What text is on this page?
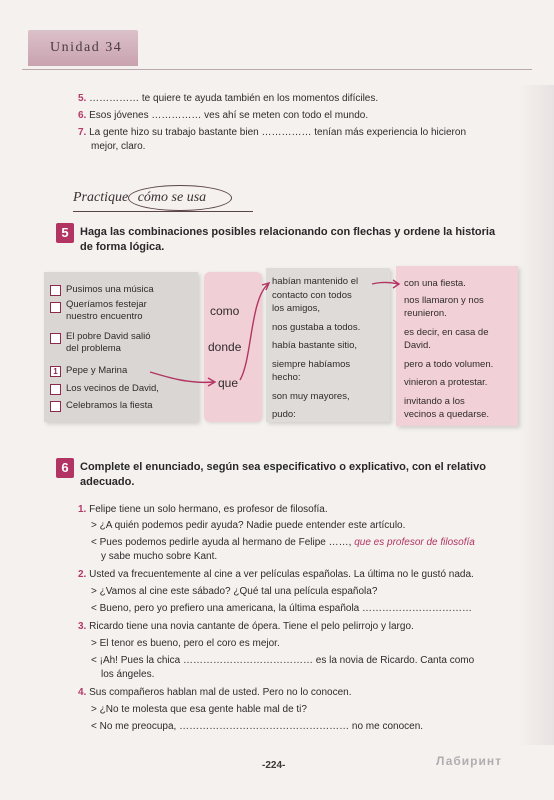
Unidad 34
5. …………… te quiere te ayuda también en los momentos difíciles.
6. Esos jóvenes …………… ves ahí se meten con todo el mundo.
7. La gente hizo su trabajo bastante bien …………… tenían más experiencia lo hicieron
mejor, claro.
Practique cómo se usa
5	Haga las combinaciones posibles relacionando con flechas y ordene la historia
de forma lógica.
Pusimos una música
Queríamos festejar
nuestro encuentro
El pobre David salió
del problema
1 Pepe y Marina
Los vecinos de David,
Celebramos la fiesta
como
donde
que
habían mantenido el
contacto con todos
los amigos,
nos gustaba a todos.
había bastante sitio,
siempre habíamos
hecho:
son muy mayores,
pudo:
con una fiesta.
nos llamaron y nos
reunieron.
es decir, en casa de
David.
pero a todo volumen.
vinieron a protestar.
invitando a los
vecinos a quedarse.
6	Complete el enunciado, según sea especificativo o explicativo, con el relativo
adecuado.
1. Felipe tiene un solo hermano, es profesor de filosofía.
> ¿A quién podemos pedir ayuda? Nadie puede entender este artículo.
< Pues podemos pedirle ayuda al hermano de Felipe ……, que es profesor de filosofía
y sabe mucho sobre Kant.
2. Usted va frecuentemente al cine a ver películas españolas. La última no le gustó nada.
> ¿Vamos al cine este sábado? ¿Qué tal una película española?
< Bueno, pero yo prefiero una americana, la última española ……………………………
3. Ricardo tiene una novia cantante de ópera. Tiene el pelo pelirrojo y largo.
> El tenor es bueno, pero el coro es mejor.
< ¡Ah! Pues la chica ………………………………… es la novia de Ricardo. Canta como
los ángeles.
4. Sus compañeros hablan mal de usted. Pero no lo conocen.
> ¿No te molesta que esa gente hable mal de ti?
< No me preocupa, …………………………………………… no me conocen.
-224-	Лабиринт
